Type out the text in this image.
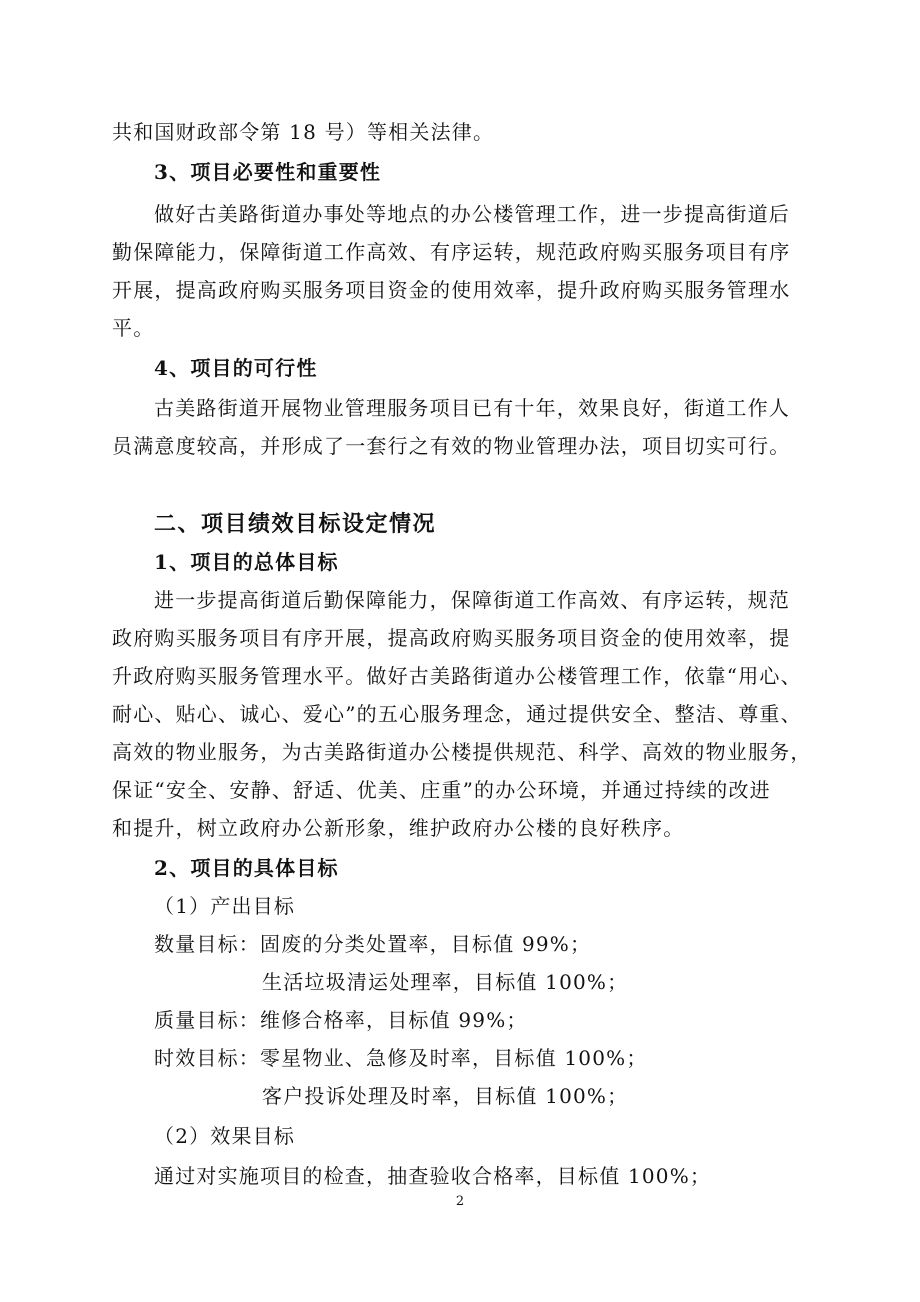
共和国财政部令第 18 号）等相关法律。
3、项目必要性和重要性
做好古美路街道办事处等地点的办公楼管理工作，进一步提高街道后
勤保障能力，保障街道工作高效、有序运转，规范政府购买服务项目有序
开展，提高政府购买服务项目资金的使用效率，提升政府购买服务管理水
平。
4、项目的可行性
古美路街道开展物业管理服务项目已有十年，效果良好，街道工作人
员满意度较高，并形成了一套行之有效的物业管理办法，项目切实可行。
二、项目绩效目标设定情况
1、项目的总体目标
进一步提高街道后勤保障能力，保障街道工作高效、有序运转，规范
政府购买服务项目有序开展，提高政府购买服务项目资金的使用效率，提
升政府购买服务管理水平。做好古美路街道办公楼管理工作，依靠“用心、
耐心、贴心、诚心、爱心”的五心服务理念，通过提供安全、整洁、尊重、
高效的物业服务，为古美路街道办公楼提供规范、科学、高效的物业服务，
保证“安全、安静、舒适、优美、庄重”的办公环境，并通过持续的改进
和提升，树立政府办公新形象，维护政府办公楼的良好秩序。
2、项目的具体目标
（1）产出目标
数量目标：固废的分类处置率，目标值 99%；
生活垃圾清运处理率，目标值 100%；
质量目标：维修合格率，目标值 99%；
时效目标：零星物业、急修及时率，目标值 100%；
客户投诉处理及时率，目标值 100%；
（2）效果目标
通过对实施项目的检查，抽查验收合格率，目标值 100%；
2
